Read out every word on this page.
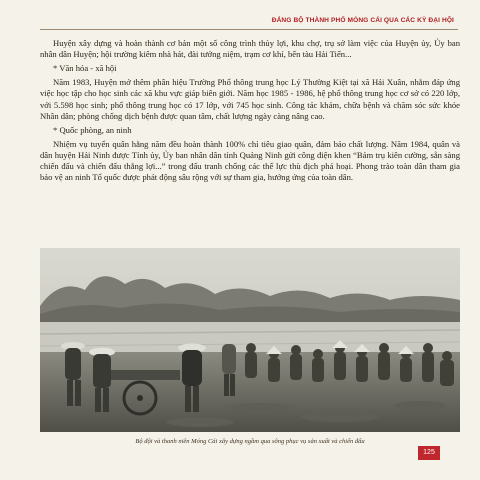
ĐẢNG BỘ THÀNH PHỐ MÓNG CÁI QUA CÁC KỲ ĐẠI HỘI

Huyện xây dựng và hoàn thành cơ bản một số công trình thủy lợi, khu chợ, trụ sở làm việc của Huyện ủy, Ủy ban nhân dân Huyện; hội trường kiêm nhà hát, đài tưởng niệm, trạm cơ khí, bến tàu Hải Tiến...

* Văn hóa - xã hội

Năm 1983, Huyện mở thêm phân hiệu Trường Phổ thông trung học Lý Thường Kiệt tại xã Hải Xuân, nhằm đáp ứng việc học tập cho học sinh các xã khu vực giáp biên giới. Năm học 1985 - 1986, hệ phổ thông trung học cơ sở có 220 lớp, với 5.598 học sinh; phổ thông trung học có 17 lớp, với 745 học sinh. Công tác khám, chữa bệnh và chăm sóc sức khỏe Nhân dân; phòng chống dịch bệnh được quan tâm, chất lượng ngày càng nâng cao.

* Quốc phòng, an ninh

Nhiệm vụ tuyển quân hằng năm đều hoàn thành 100% chỉ tiêu giao quân, đảm bảo chất lượng. Năm 1984, quân và dân huyện Hải Ninh được Tỉnh ủy, Ủy ban nhân dân tỉnh Quảng Ninh gửi công điện khen “Bám trụ kiên cường, sẵn sàng chiến đấu và chiến đấu thắng lợi...” trong đấu tranh chống các thế lực thù địch phá hoại. Phong trào toàn dân tham gia bảo vệ an ninh Tổ quốc được phát động sâu rộng với sự tham gia, hưởng ứng của toàn dân.

Bộ đội và thanh niên Móng Cái xây dựng ngầm qua sông phục vụ sản xuất và chiến đấu
125
